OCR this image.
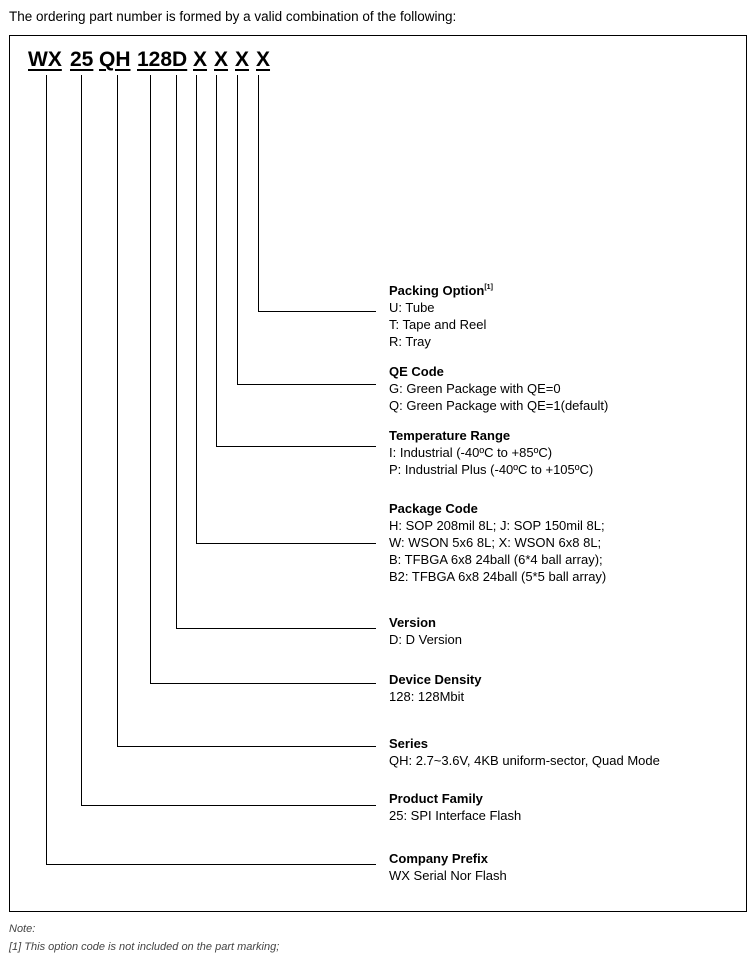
The ordering part number is formed by a valid combination of the following:
WX 25 QH 128D X X X X
Packing Option[1]
U: Tube
T: Tape and Reel
R: Tray
QE Code
G: Green Package with QE=0
Q: Green Package with QE=1(default)
Temperature Range
I: Industrial (-40ºC to +85ºC)
P: Industrial Plus (-40ºC to +105ºC)
Package Code
H: SOP 208mil 8L; J: SOP 150mil 8L;
W: WSON 5x6 8L; X: WSON 6x8 8L;
B: TFBGA 6x8 24ball (6*4 ball array);
B2: TFBGA 6x8 24ball (5*5 ball array)
Version
D: D Version
Device Density
128: 128Mbit
Series
QH: 2.7~3.6V, 4KB uniform-sector, Quad Mode
Product Family
25: SPI Interface Flash
Company Prefix
WX Serial Nor Flash
Note:
[1] This option code is not included on the part marking;
